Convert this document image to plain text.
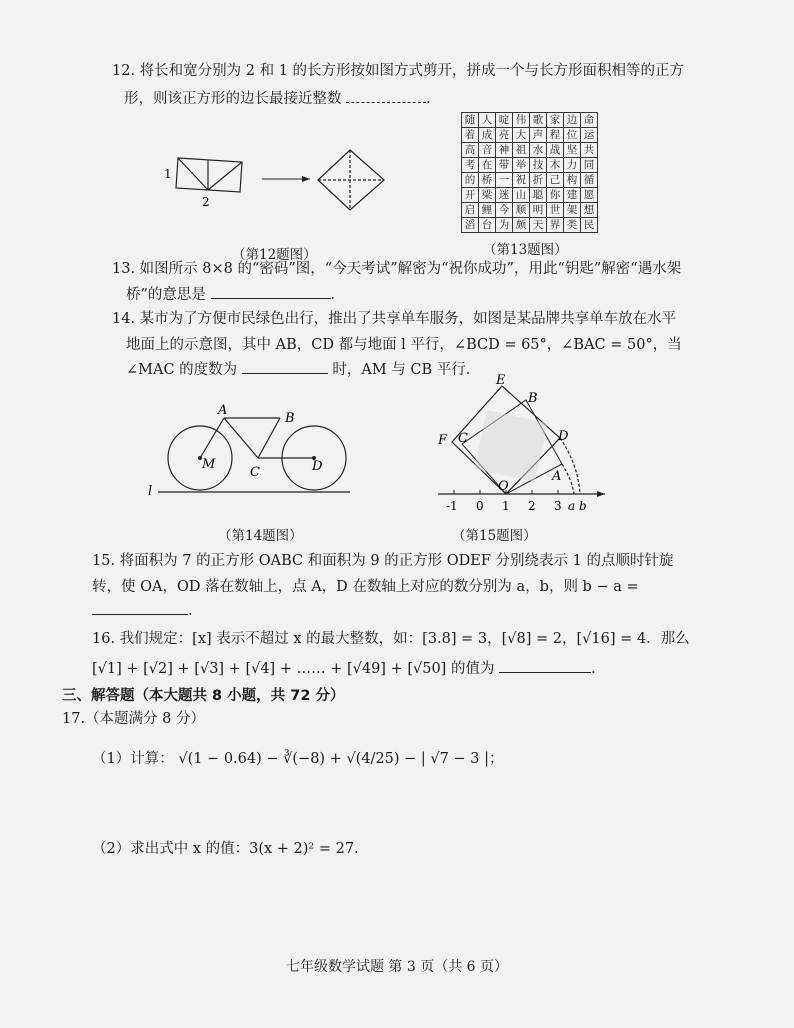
12. 将长和宽分别为 2 和 1 的长方形按如图方式剪开，拼成一个与长方形面积相等的正方
形，则该正方形的边长最接近整数	．
1
2
（第12题图）
随	人	啶	伟	歌	家	边	命
着	成	亮	大	声	程	位	运
高	音	神	祖	水	战	坚	共
考	在	带	举	技	木	力	同
的	桥	一	祝	折	己	构	循
开	梁	迷	山	聪	你	建	愿
启	鲤	今	顺	明	世	架	想
滔	台	为	颇	天	界	类	民
（第13题图）
13. 如图所示 8×8 的“密码”图，“今天考试”解密为“祝你成功”，用此“钥匙”解密“遇水架
桥”的意思是	．
14. 某市为了方便市民绿色出行，推出了共享单车服务，如图是某品牌共享单车放在水平
地面上的示意图，其中 AB，CD 都与地面 l 平行，∠BCD = 65°，∠BAC = 50°，当
∠MAC 的度数为	时，AM 与 CB 平行．
A
B
M
C	D
l
（第14题图）
-1 0 1 2 3 a b
E
B
F C	D
O
A
（第15题图）
15. 将面积为 7 的正方形 OABC 和面积为 9 的正方形 ODEF 分别绕表示 1 的点顺时针旋
转，使 OA，OD 落在数轴上，点 A，D 在数轴上对应的数分别为 a，b，则 b − a =
．
16. 我们规定：[x] 表示不超过 x 的最大整数，如：[3.8] = 3，[√8] = 2，[√16] = 4．那么
[√1] + [√2] + [√3] + [√4] + …… + [√49] + [√50] 的值为	．
三、解答题（本大题共 8 小题，共 72 分）
17.（本题满分 8 分）
（1）计算： √(1 − 0.64) − ∛(−8) + √(4/25) − | √7 − 3 |；
（2）求出式中 x 的值：3(x + 2)² = 27.
七年级数学试题 第 3 页（共 6 页）
